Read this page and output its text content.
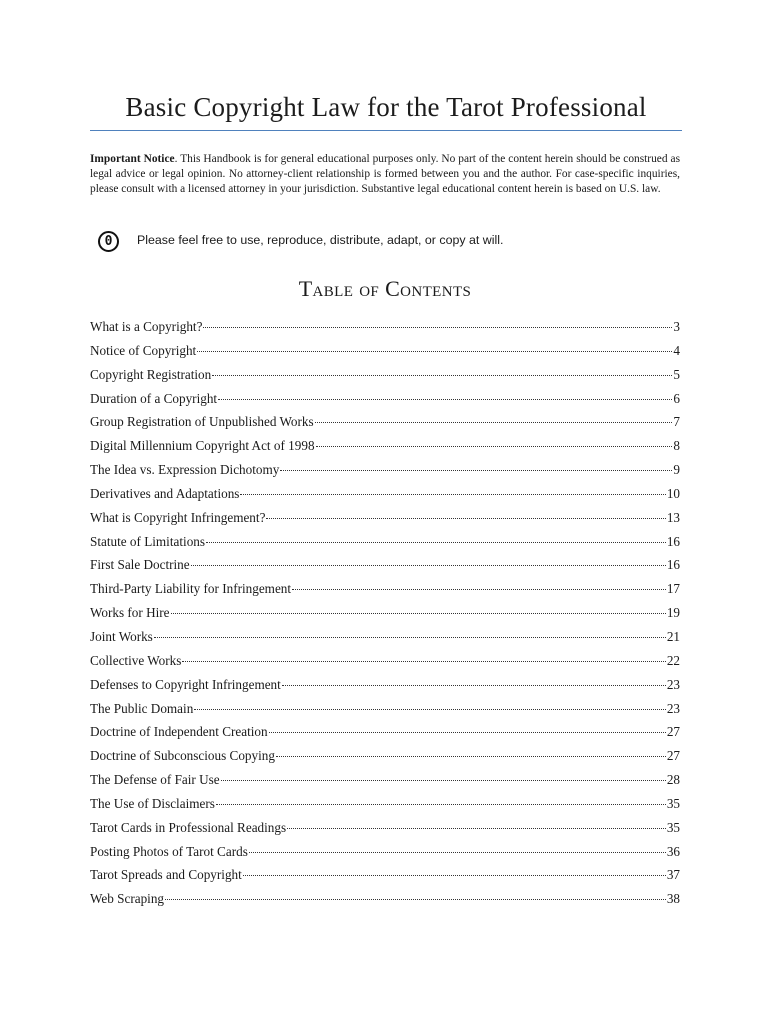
Basic Copyright Law for the Tarot Professional

Important Notice. This Handbook is for general educational purposes only. No part of the content herein should be construed as legal advice or legal opinion. No attorney-client relationship is formed between you and the author. For case-specific inquiries, please consult with a licensed attorney in your jurisdiction. Substantive legal educational content herein is based on U.S. law.

0	Please feel free to use, reproduce, distribute, adapt, or copy at will.
Table of Contents
What is a Copyright?	3
Notice of Copyright	4
Copyright Registration	5
Duration of a Copyright	6
Group Registration of Unpublished Works	7
Digital Millennium Copyright Act of 1998	8
The Idea vs. Expression Dichotomy	9
Derivatives and Adaptations	10
What is Copyright Infringement?	13
Statute of Limitations	16
First Sale Doctrine	16
Third-Party Liability for Infringement	17
Works for Hire	19
Joint Works	21
Collective Works	22
Defenses to Copyright Infringement	23
The Public Domain	23
Doctrine of Independent Creation	27
Doctrine of Subconscious Copying	27
The Defense of Fair Use	28
The Use of Disclaimers	35
Tarot Cards in Professional Readings	35
Posting Photos of Tarot Cards	36
Tarot Spreads and Copyright	37
Web Scraping	38
